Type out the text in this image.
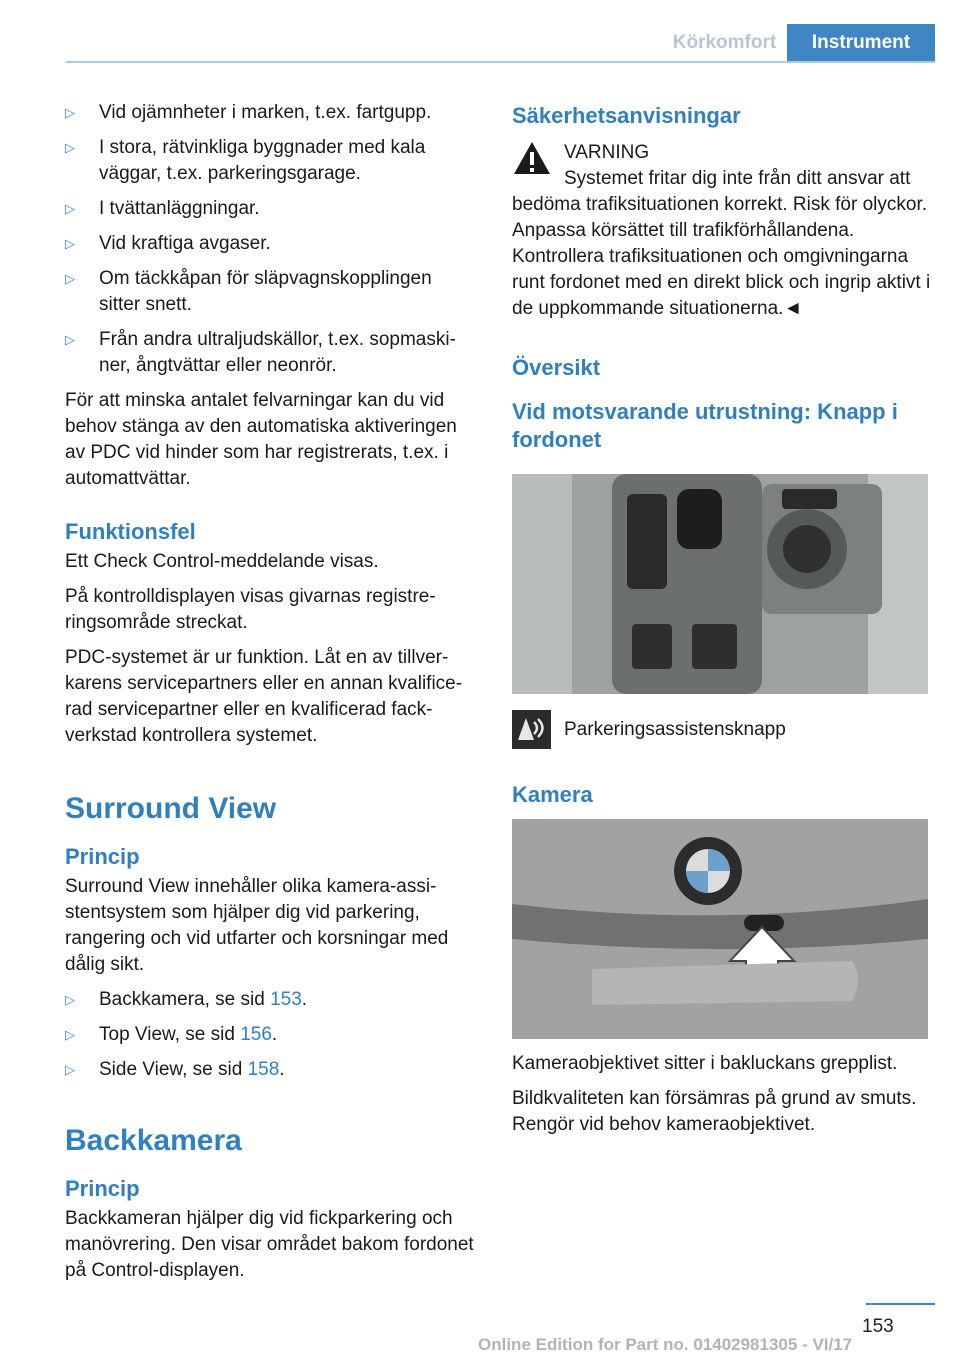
Körkomfort	Instrument
▷	Vid ojämnheter i marken, t.ex. fartgupp.
▷	I stora, rätvinkliga byggnader med kala väggar, t.ex. parkeringsgarage.
▷	I tvättanläggningar.
▷	Vid kraftiga avgaser.
▷	Om täckkåpan för släpvagnskopplingen sitter snett.
▷	Från andra ultraljudskällor, t.ex. sopmaskiner, ångtvättar eller neonrör.

För att minska antalet felvarningar kan du vid behov stänga av den automatiska aktiveringen av PDC vid hinder som har registrerats, t.ex. i automattvättar.

Funktionsfel

Ett Check Control-meddelande visas.

På kontrolldisplayen visas givarnas registreringsområde streckat.

PDC-systemet är ur funktion. Låt en av tillverkarens servicepartners eller en annan kvalificerad servicepartner eller en kvalificerad fackverkstad kontrollera systemet.

Surround View
Princip

Surround View innehåller olika kamera-assistentsystem som hjälper dig vid parkering, rangering och vid utfarter och korsningar med dålig sikt.

▷	Backkamera, se sid 153.
▷	Top View, se sid 156.
▷	Side View, se sid 158.
Backkamera
Princip

Backkameran hjälper dig vid fickparkering och manövrering. Den visar området bakom fordonet på Control-displayen.

Säkerhetsanvisningar
VARNING
Systemet fritar dig inte från ditt ansvar att

bedöma trafiksituationen korrekt. Risk för olyckor. Anpassa körsättet till trafikförhållandena. Kontrollera trafiksituationen och omgivningarna runt fordonet med en direkt blick och ingrip aktivt i de uppkommande situationerna.◄

Översikt
Vid motsvarande utrustning: Knapp i fordonet
Parkeringsassistensknapp
Kamera

Kameraobjektivet sitter i bakluckans grepplist.

Bildkvaliteten kan försämras på grund av smuts. Rengör vid behov kameraobjektivet.

153
Online Edition for Part no. 01402981305 - VI/17
